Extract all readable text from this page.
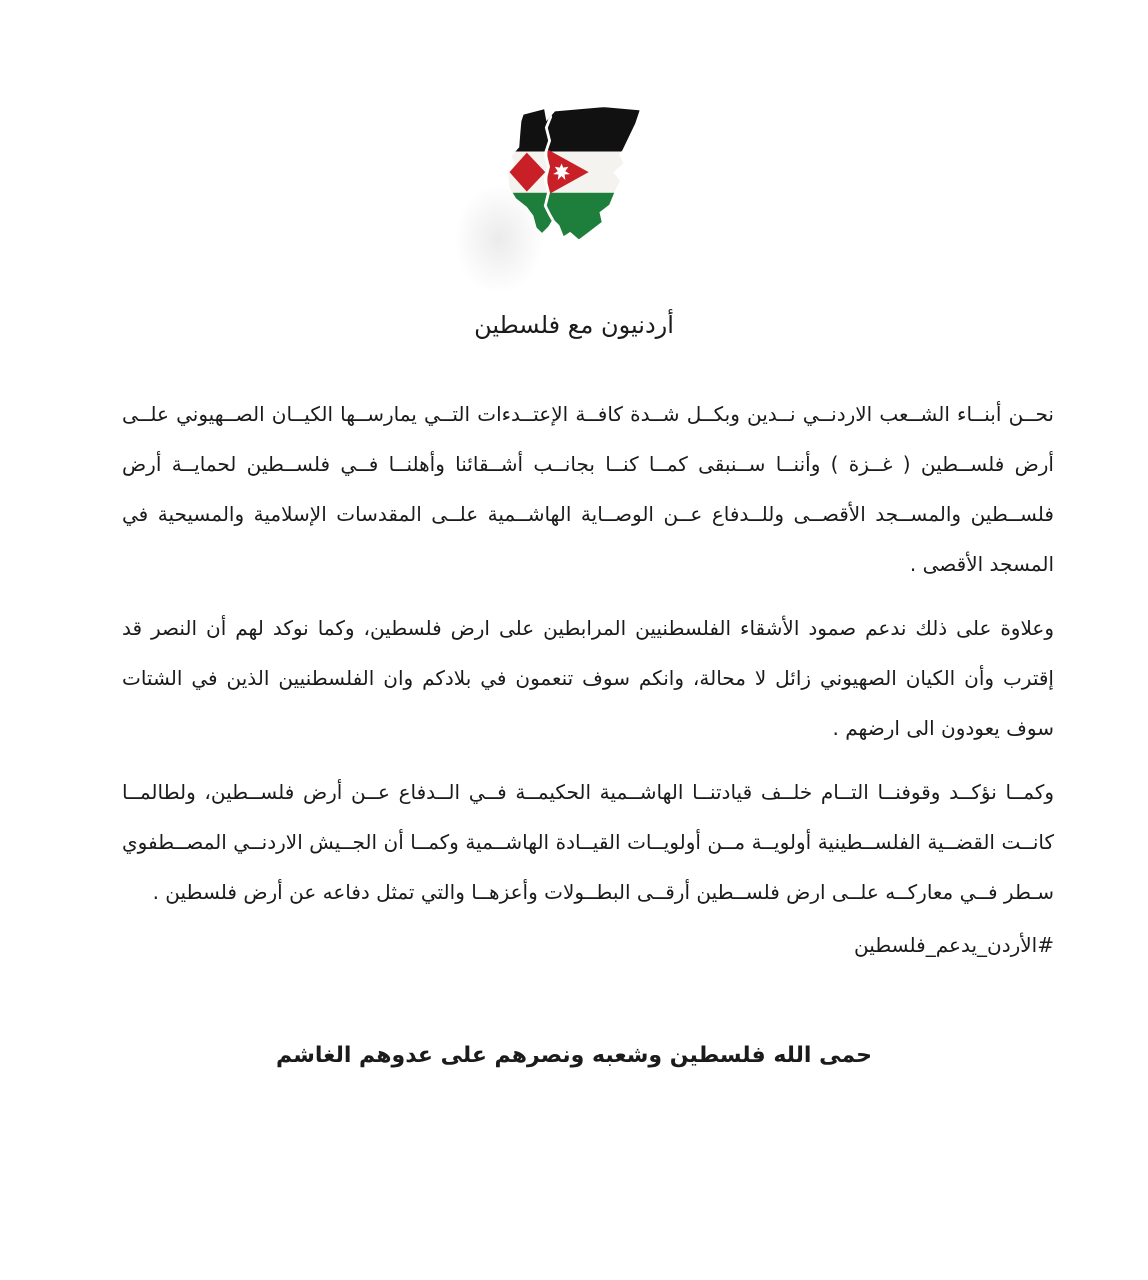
أردنيون مع فلسطين

نحــن أبنــاء الشــعب الاردنــي نــدين وبكــل شــدة كافــة الإعتــدءات التــي يمارســها الكيــان الصــهيوني علــى أرض فلســطين ( غــزة ) وأننــا ســنبقى كمــا كنــا بجانــب أشــقائنا وأهلنــا فــي فلســطين لحمايــة أرض فلســطين والمســجد الأقصــى وللــدفاع عــن الوصــاية الهاشــمية علــى المقدسات الإسلامية والمسيحية في المسجد الأقصى .

وعلاوة على ذلك ندعم صمود الأشقاء الفلسطنيين المرابطين على ارض فلسطين، وكما نوكد لهم أن النصر قد إقترب وأن الكيان الصهيوني زائل لا محالة، وانكم سوف تنعمون في بلادكم وان الفلسطنيين الذين في الشتات سوف يعودون الى ارضهم .

وكمــا نؤكــد وقوفنــا التــام خلــف قيادتنــا الهاشــمية الحكيمــة فــي الــدفاع عــن أرض فلســطين، ولطالمــا كانــت القضــية الفلســطينية أولويــة مــن أولويــات القيــادة الهاشــمية وكمــا أن الجــيش الاردنــي المصــطفوي سـطر فــي معاركــه علــى ارض فلســطين أرقــى البطــولات وأعزهــا والتي تمثل دفاعه عن أرض فلسطين .

#الأردن_يدعم_فلسطين
حمى الله فلسطين وشعبه ونصرهم على عدوهم الغاشم
